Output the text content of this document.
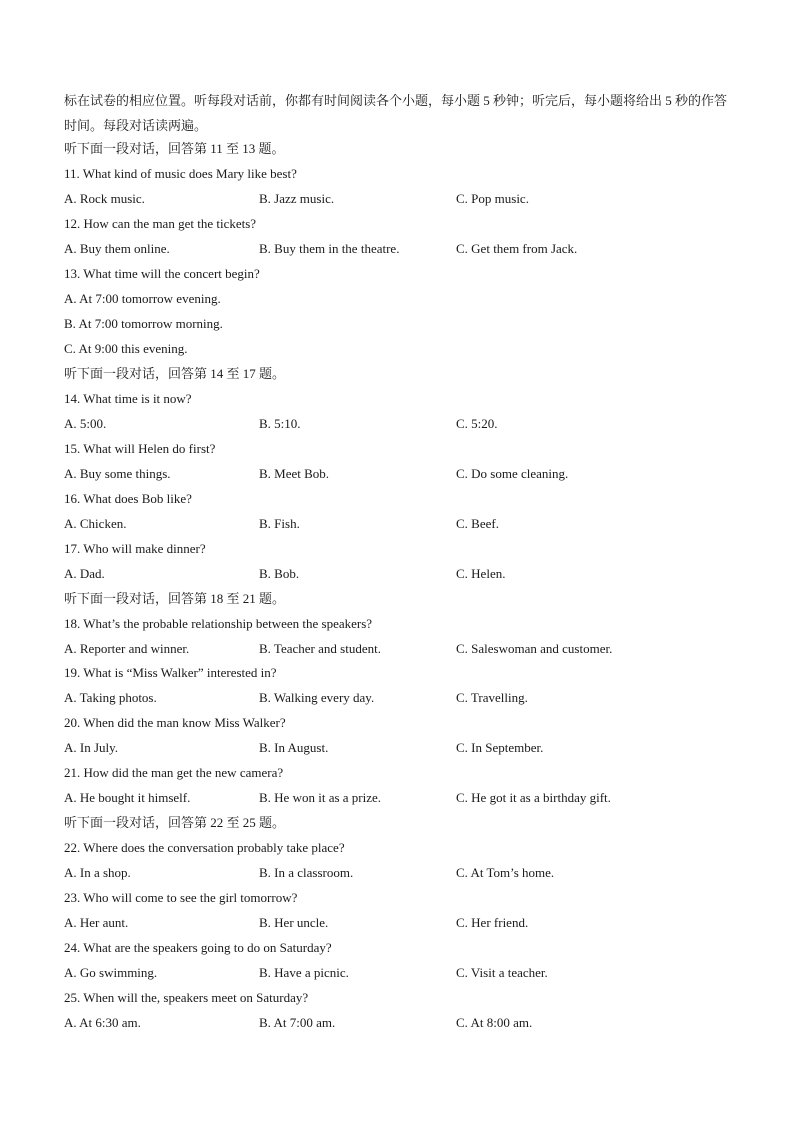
标在试卷的相应位置。听每段对话前，你都有时间阅读各个小题，每小题 5 秒钟；听完后，每小题将给出 5 秒的作答时间。每段对话读两遍。
听下面一段对话，回答第 11 至 13 题。
11. What kind of music does Mary like best?
A. Rock music.	B. Jazz music.	C. Pop music.
12. How can the man get the tickets?
A. Buy them online.	B. Buy them in the theatre.	C. Get them from Jack.
13. What time will the concert begin?
A. At 7:00 tomorrow evening.
B. At 7:00 tomorrow morning.
C. At 9:00 this evening.
听下面一段对话，回答第 14 至 17 题。
14. What time is it now?
A. 5:00.	B. 5:10.	C. 5:20.
15. What will Helen do first?
A. Buy some things.	B. Meet Bob.	C. Do some cleaning.
16. What does Bob like?
A. Chicken.	B. Fish.	C. Beef.
17. Who will make dinner?
A. Dad.	B. Bob.	C. Helen.
听下面一段对话，回答第 18 至 21 题。
18. What’s the probable relationship between the speakers?
A. Reporter and winner.	B. Teacher and student.	C. Saleswoman and customer.
19. What is “Miss Walker” interested in?
A. Taking photos.	B. Walking every day.	C. Travelling.
20. When did the man know Miss Walker?
A. In July.	B. In August.	C. In September.
21. How did the man get the new camera?
A. He bought it himself.	B. He won it as a prize.	C. He got it as a birthday gift.
听下面一段对话，回答第 22 至 25 题。
22. Where does the conversation probably take place?
A. In a shop.	B. In a classroom.	C. At Tom’s home.
23. Who will come to see the girl tomorrow?
A. Her aunt.	B. Her uncle.	C. Her friend.
24. What are the speakers going to do on Saturday?
A. Go swimming.	B. Have a picnic.	C. Visit a teacher.
25. When will the, speakers meet on Saturday?
A. At 6:30 am.	B. At 7:00 am.	C. At 8:00 am.
